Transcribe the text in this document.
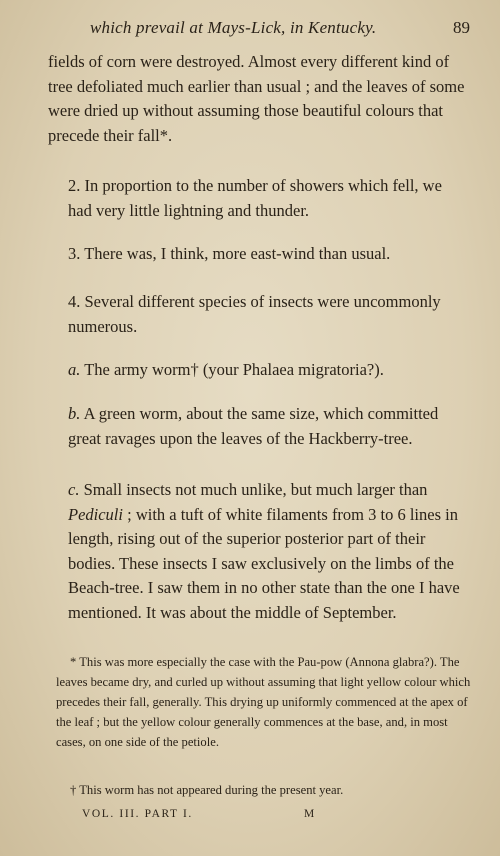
which prevail at Mays-Lick, in Kentucky.	89

fields of corn were destroyed. Almost every different kind of tree defoliated much earlier than usual ; and the leaves of some were dried up without assuming those beautiful colours that precede their fall*.

2. In proportion to the number of showers which fell, we had very little lightning and thunder.

3. There was, I think, more east-wind than usual.

4. Several different species of insects were uncommonly numerous.

a. The army worm† (your Phalaea migratoria?).

b. A green worm, about the same size, which committed great ravages upon the leaves of the Hackberry-tree.

c. Small insects not much unlike, but much larger than Pediculi ; with a tuft of white filaments from 3 to 6 lines in length, rising out of the superior posterior part of their bodies. These insects I saw exclusively on the limbs of the Beach-tree. I saw them in no other state than the one I have mentioned. It was about the middle of September.

* This was more especially the case with the Pau-pow (Annona glabra?). The leaves became dry, and curled up without assuming that light yellow colour which precedes their fall, generally. This drying up uniformly commenced at the apex of the leaf ; but the yellow colour generally commences at the base, and, in most cases, on one side of the petiole.

† This worm has not appeared during the present year.

VOL. III. PART I.	M
